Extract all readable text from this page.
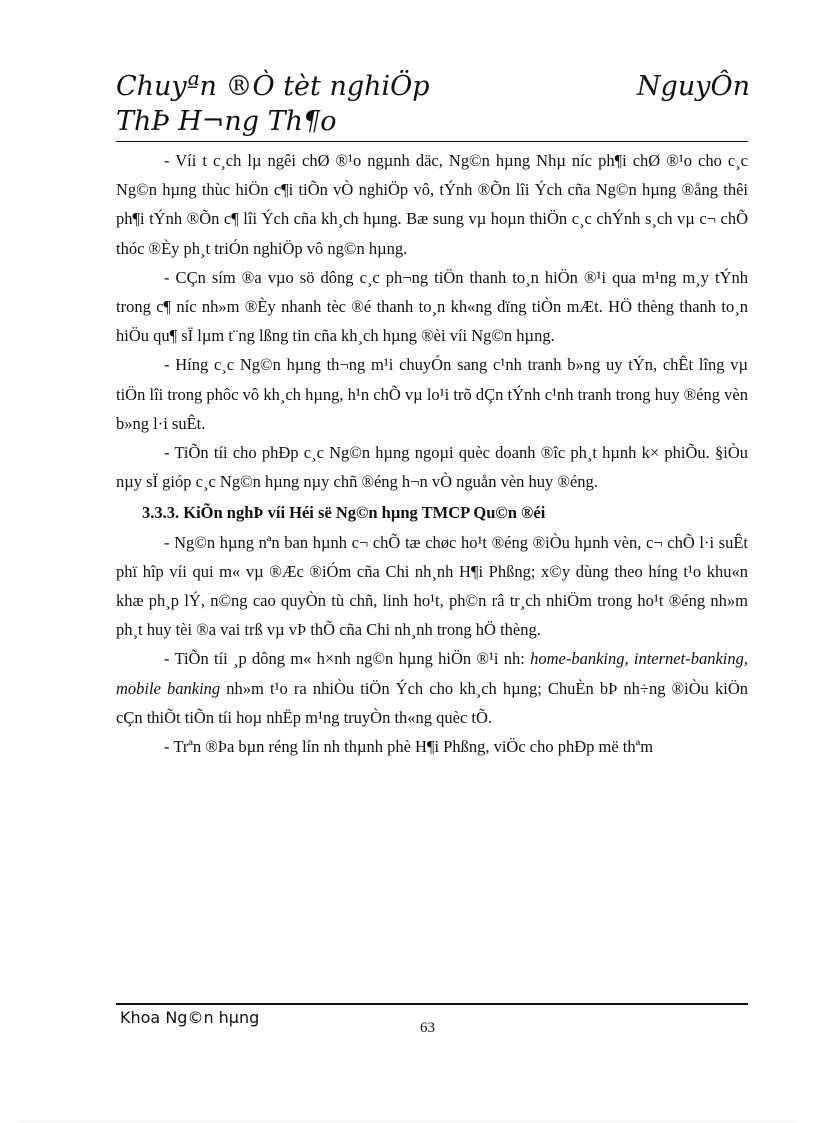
Chuyªn ®Ò tèt nghiÖp	NguyÔn
ThÞ H¬ng Th¶o

- Víi t c¸ch lµ ngêi chØ ®¹o ngµnh däc, Ng©n hµng Nhµ níc ph¶i chØ ®¹o cho c¸c Ng©n hµng thùc hiÖn c¶i tiÕn vÒ nghiÖp vô, tÝnh ®Õn lîi Ých cña Ng©n hµng ®ång thêi ph¶i tÝnh ®Õn c¶ lîi Ých cña kh¸ch hµng. Bæ sung vµ hoµn thiÖn c¸c chÝnh s¸ch vµ c¬ chÕ thóc ®Èy ph¸t triÓn nghiÖp vô ng©n hµng.

- CÇn sím ®a vµo sö dông c¸c ph¬ng tiÖn thanh to¸n hiÖn ®¹i qua m¹ng m¸y tÝnh trong c¶ níc nh»m ®Èy nhanh tèc ®é thanh to¸n kh«ng dïng tiÒn mÆt. HÖ thèng thanh to¸n hiÖu qu¶ sÏ lµm t¨ng lßng tin cña kh¸ch hµng ®èi víi Ng©n hµng.

- Híng c¸c Ng©n hµng th¬ng m¹i chuyÓn sang c¹nh tranh b»ng uy tÝn, chÊt lîng vµ tiÖn lîi trong phôc vô kh¸ch hµng, h¹n chÕ vµ lo¹i trõ dÇn tÝnh c¹nh tranh trong huy ®éng vèn b»ng l·i suÊt.

- TiÕn tíi cho phÐp c¸c Ng©n hµng ngoµi quèc doanh ®îc ph¸t hµnh k× phiÕu. §iÒu nµy sÏ gióp c¸c Ng©n hµng nµy chñ ®éng h¬n vÒ nguån vèn huy ®éng.

3.3.3. KiÕn nghÞ víi Héi së Ng©n hµng TMCP Qu©n ®éi

- Ng©n hµng nªn ban hµnh c¬ chÕ tæ chøc ho¹t ®éng ®iÒu hµnh vèn, c¬ chÕ l·i suÊt phï hîp víi qui m« vµ ®Æc ®iÓm cña Chi nh¸nh H¶i Phßng; x©y dùng theo híng t¹o khu«n khæ ph¸p lÝ, n©ng cao quyÒn tù chñ, linh ho¹t, ph©n râ tr¸ch nhiÖm trong ho¹t ®éng nh»m ph¸t huy tèi ®a vai trß vµ vÞ thÕ cña Chi nh¸nh trong hÖ thèng.

- TiÕn tíi ¸p dông m« h×nh ng©n hµng hiÖn ®¹i nh: home-banking, internet-banking, mobile banking nh»m t¹o ra nhiÒu tiÖn Ých cho kh¸ch hµng; ChuÈn bÞ nh÷ng ®iÒu kiÖn cÇn thiÕt tiÕn tíi hoµ nhËp m¹ng truyÒn th«ng quèc tÕ.

- Trªn ®Þa bµn réng lín nh thµnh phè H¶i Phßng, viÖc cho phÐp më thªm

Khoa Ng©n hµng
63
